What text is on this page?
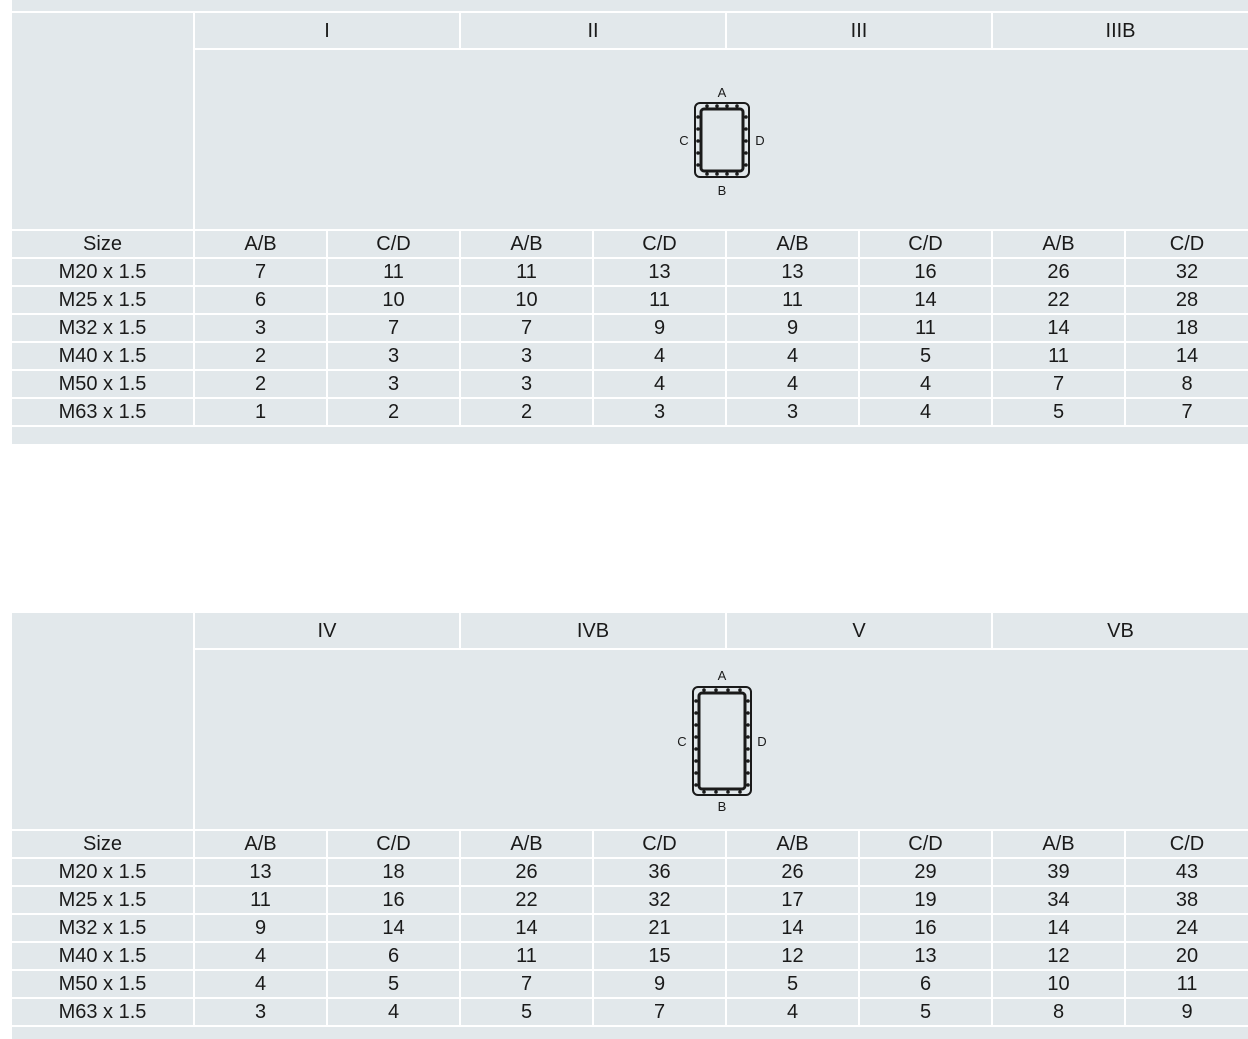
	I		II		III		IIIB	

A
B
C D							

Size	A/B	C/D	A/B	C/D	A/B	C/D	A/B	C/D
M20 x 1.5	7	11	11	13	13	16	26	32
M25 x 1.5	6	10	10	11	11	14	22	28
M32 x 1.5	3	7	7	9	9	11	14	18
M40 x 1.5	2	3	3	4	4	5	11	14
M50 x 1.5	2	3	3	4	4	4	7	8
M63 x 1.5	1	2	2	3	3	4	5	7
	IV		IVB		V		VB	

A
B
C D							

Size	A/B	C/D	A/B	C/D	A/B	C/D	A/B	C/D
M20 x 1.5	13	18	26	36	26	29	39	43
M25 x 1.5	11	16	22	32	17	19	34	38
M32 x 1.5	9	14	14	21	14	16	14	24
M40 x 1.5	4	6	11	15	12	13	12	20
M50 x 1.5	4	5	7	9	5	6	10	11
M63 x 1.5	3	4	5	7	4	5	8	9
